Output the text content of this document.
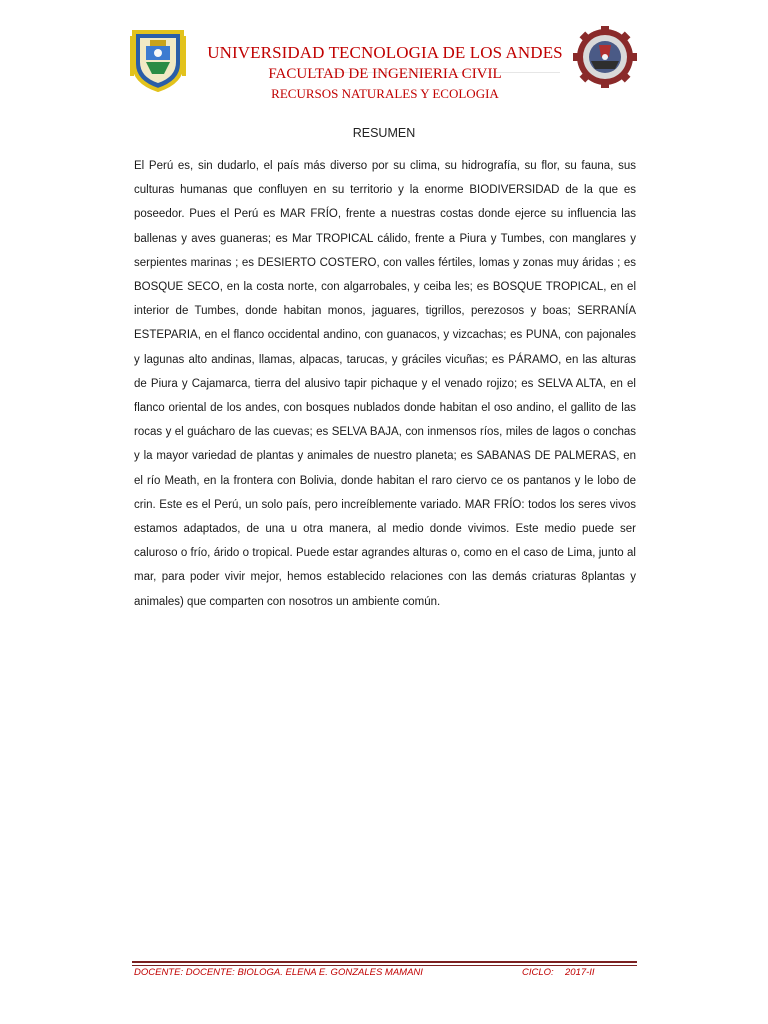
UNIVERSIDAD TECNOLOGIA DE LOS ANDES
FACULTAD DE INGENIERIA CIVIL
RECURSOS NATURALES Y ECOLOGIA
RESUMEN
El Perú es, sin dudarlo, el país más diverso por su clima, su hidrografía, su flor, su fauna, sus culturas humanas que confluyen en su territorio y la enorme BIODIVERSIDAD de la que es poseedor. Pues el Perú es MAR FRÍO, frente a nuestras costas donde ejerce su influencia las ballenas y aves guaneras; es Mar TROPICAL cálido, frente a Piura y Tumbes, con manglares y serpientes marinas ; es DESIERTO COSTERO, con valles fértiles, lomas y zonas muy áridas ; es BOSQUE SECO, en la costa norte, con algarrobales, y ceiba les; es BOSQUE TROPICAL, en el interior de Tumbes, donde habitan monos, jaguares, tigrillos, perezosos y boas; SERRANÍA ESTEPARIA, en el flanco occidental andino, con guanacos, y vizcachas; es PUNA, con pajonales y lagunas alto andinas, llamas, alpacas, tarucas, y gráciles vicuñas; es PÁRAMO, en las alturas de Piura y Cajamarca, tierra del alusivo tapir pichaque y el venado rojizo; es SELVA ALTA, en el flanco oriental de los andes, con bosques nublados donde habitan el oso andino, el gallito de las rocas y el guácharo de las cuevas; es SELVA BAJA, con inmensos ríos, miles de lagos o conchas y la mayor variedad de plantas y animales de nuestro planeta; es SABANAS DE PALMERAS, en el río Meath, en la frontera con Bolivia, donde habitan el raro ciervo ce os pantanos y le lobo de crin. Este es el Perú, un solo país, pero increíblemente variado. MAR FRÍO: todos los seres vivos estamos adaptados, de una u otra manera, al medio donde vivimos. Este medio puede ser caluroso o frío, árido o tropical. Puede estar agrandes alturas o, como en el caso de Lima, junto al mar, para poder vivir mejor, hemos establecido relaciones con las demás criaturas 8plantas y animales) que comparten con nosotros un ambiente común.
DOCENTE: DOCENTE: BIOLOGA. ELENA E. GONZALES MAMANI	CICLO: 2017-II
